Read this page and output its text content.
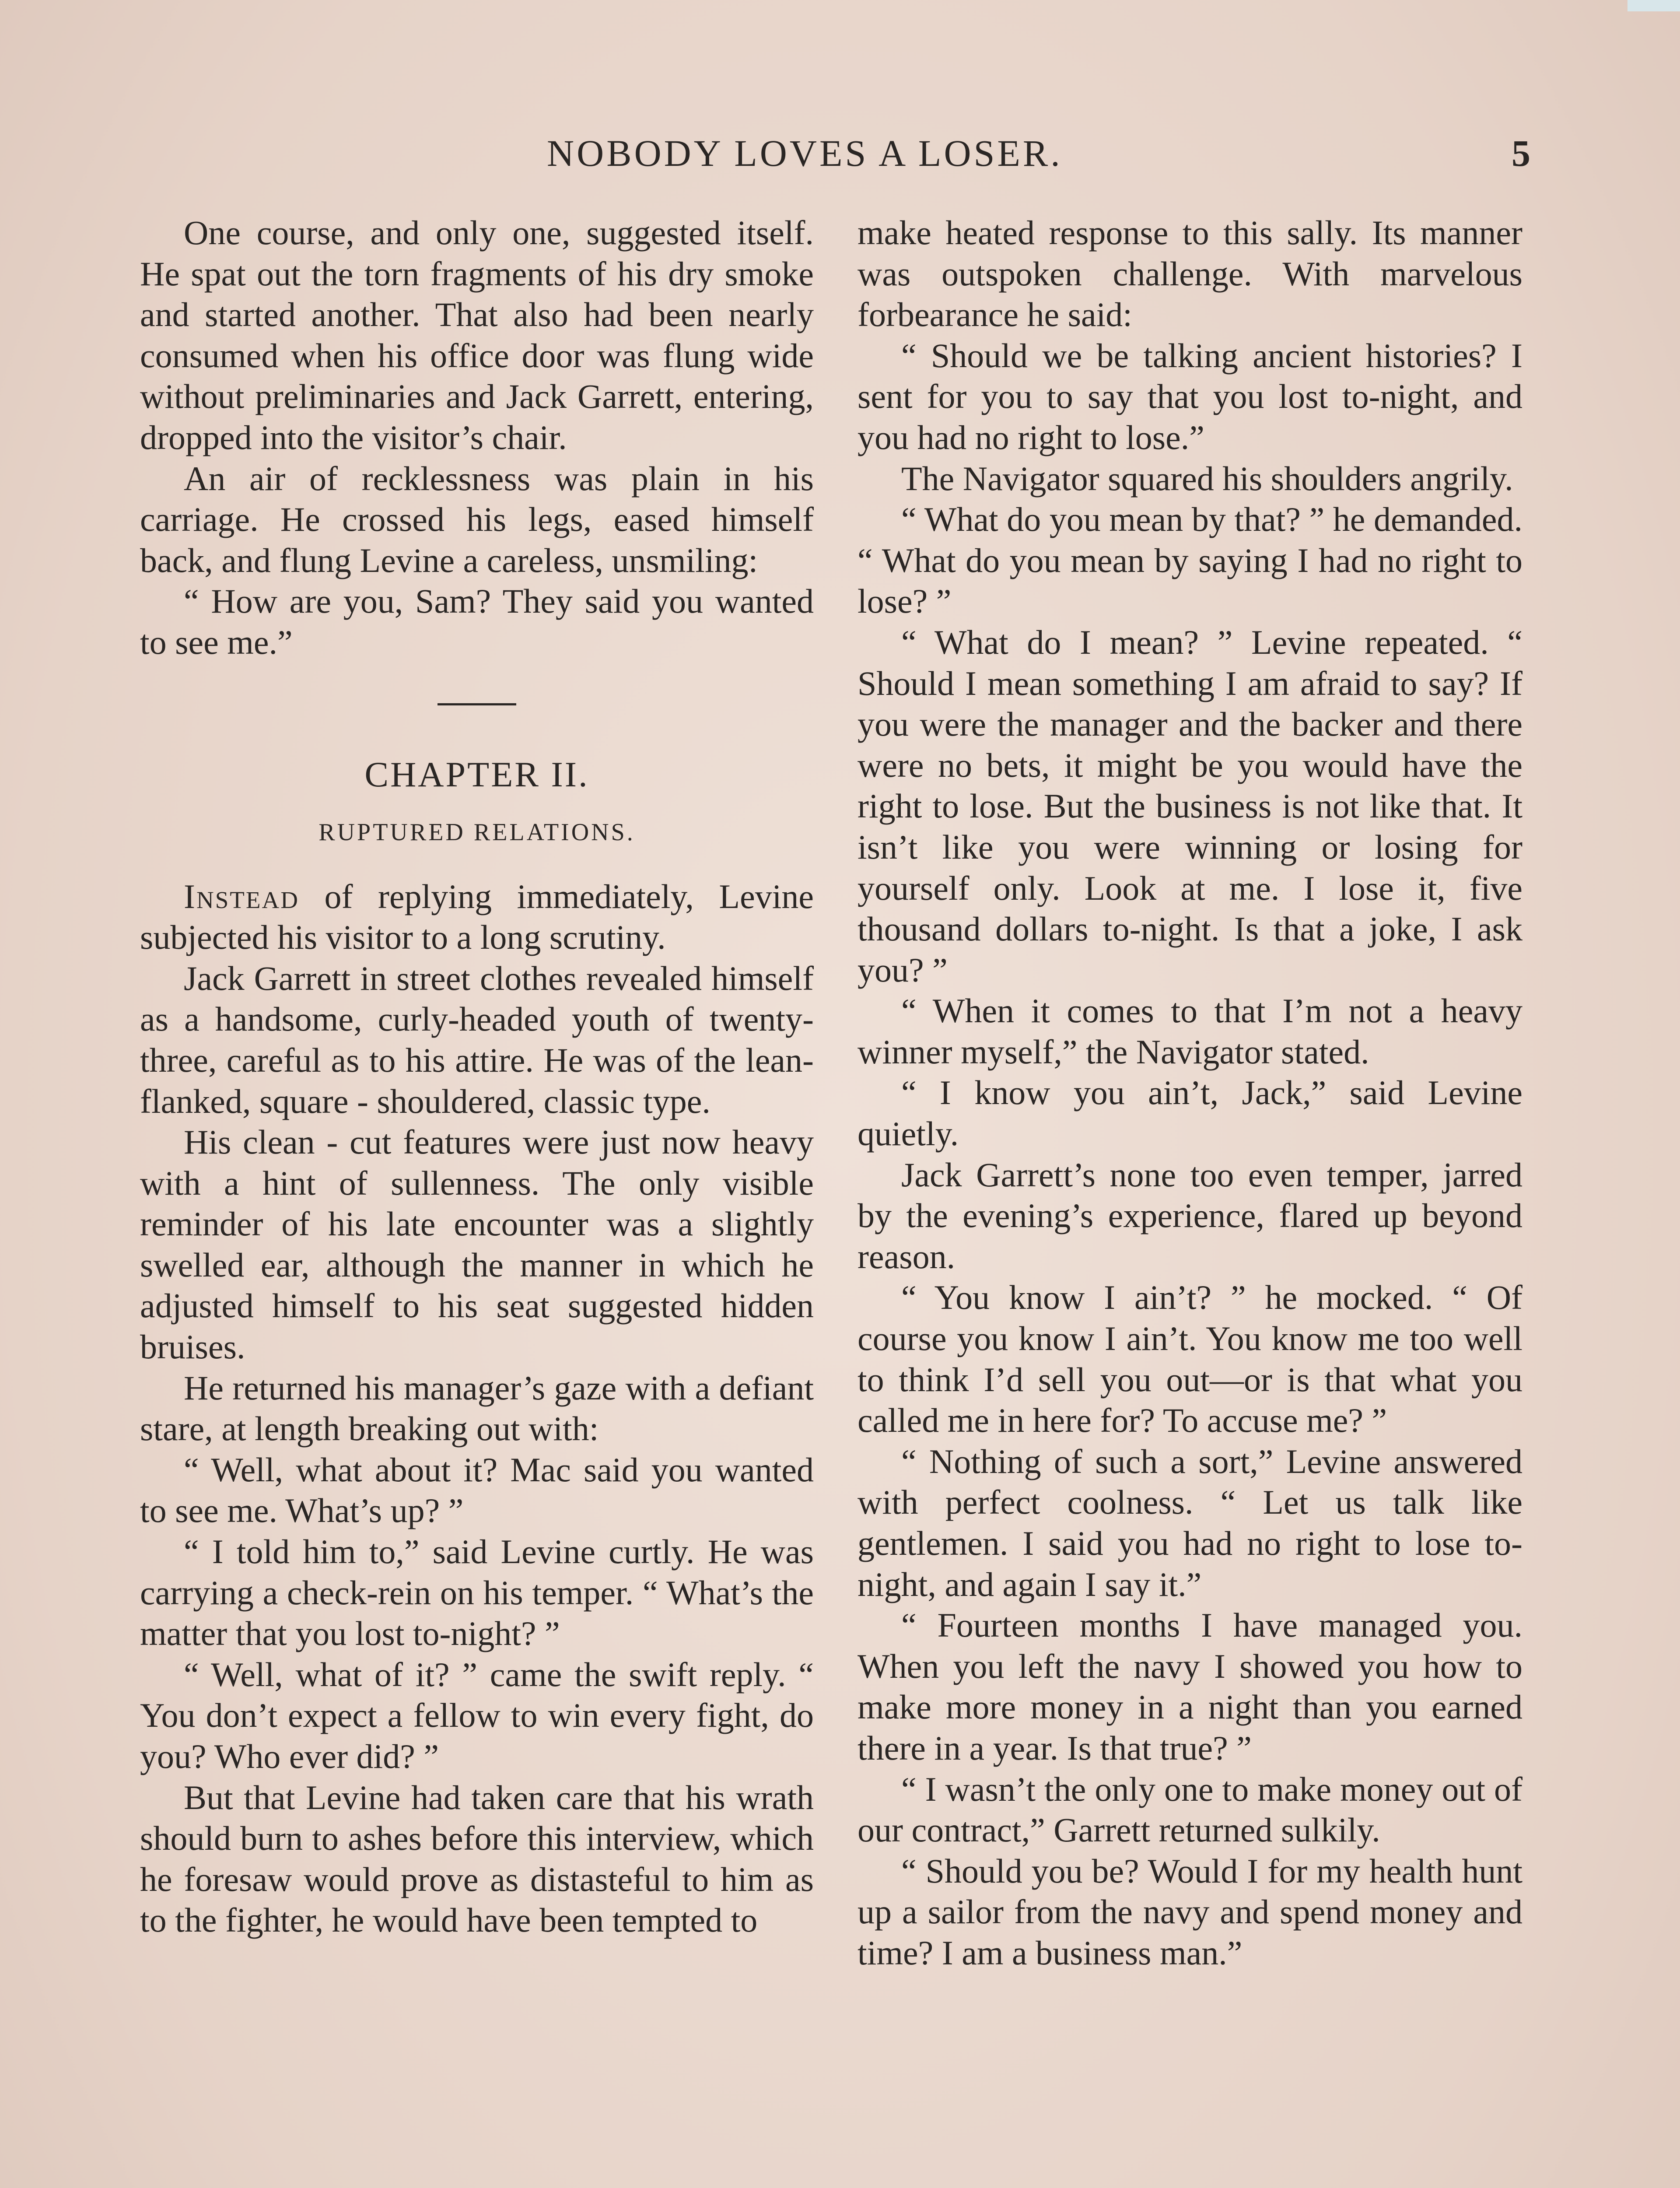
NOBODY LOVES A LOSER.	5

One course, and only one, suggested itself. He spat out the torn fragments of his dry smoke and started another. That also had been nearly consumed when his office door was flung wide without preliminaries and Jack Garrett, entering, dropped into the visitor’s chair.

An air of recklessness was plain in his carriage. He crossed his legs, eased himself back, and flung Levine a careless, unsmiling:

“ How are you, Sam? They said you wanted to see me.”

CHAPTER II.
RUPTURED RELATIONS.

Instead of replying immediately, Levine subjected his visitor to a long scrutiny.

Jack Garrett in street clothes revealed himself as a handsome, curly-headed youth of twenty-three, careful as to his attire. He was of the lean-flanked, square - shouldered, classic type.

His clean - cut features were just now heavy with a hint of sullenness. The only visible reminder of his late encounter was a slightly swelled ear, although the manner in which he adjusted himself to his seat suggested hidden bruises.

He returned his manager’s gaze with a defiant stare, at length breaking out with:

“ Well, what about it? Mac said you wanted to see me. What’s up? ”

“ I told him to,” said Levine curtly. He was carrying a check-rein on his temper. “ What’s the matter that you lost to-night? ”

“ Well, what of it? ” came the swift reply. “ You don’t expect a fellow to win every fight, do you? Who ever did? ”

But that Levine had taken care that his wrath should burn to ashes before this interview, which he foresaw would prove as distasteful to him as to the fighter, he would have been tempted to

make heated response to this sally. Its manner was outspoken challenge. With marvelous forbearance he said:

“ Should we be talking ancient histories? I sent for you to say that you lost to-night, and you had no right to lose.”

The Navigator squared his shoulders angrily.

“ What do you mean by that? ” he demanded. “ What do you mean by saying I had no right to lose? ”

“ What do I mean? ” Levine repeated. “ Should I mean something I am afraid to say? If you were the manager and the backer and there were no bets, it might be you would have the right to lose. But the business is not like that. It isn’t like you were winning or losing for yourself only. Look at me. I lose it, five thousand dollars to-night. Is that a joke, I ask you? ”

“ When it comes to that I’m not a heavy winner myself,” the Navigator stated.

“ I know you ain’t, Jack,” said Levine quietly.

Jack Garrett’s none too even temper, jarred by the evening’s experience, flared up beyond reason.

“ You know I ain’t? ” he mocked. “ Of course you know I ain’t. You know me too well to think I’d sell you out—or is that what you called me in here for? To accuse me? ”

“ Nothing of such a sort,” Levine answered with perfect coolness. “ Let us talk like gentlemen. I said you had no right to lose to-night, and again I say it.”

“ Fourteen months I have managed you. When you left the navy I showed you how to make more money in a night than you earned there in a year. Is that true? ”

“ I wasn’t the only one to make money out of our contract,” Garrett returned sulkily.

“ Should you be? Would I for my health hunt up a sailor from the navy and spend money and time? I am a business man.”
